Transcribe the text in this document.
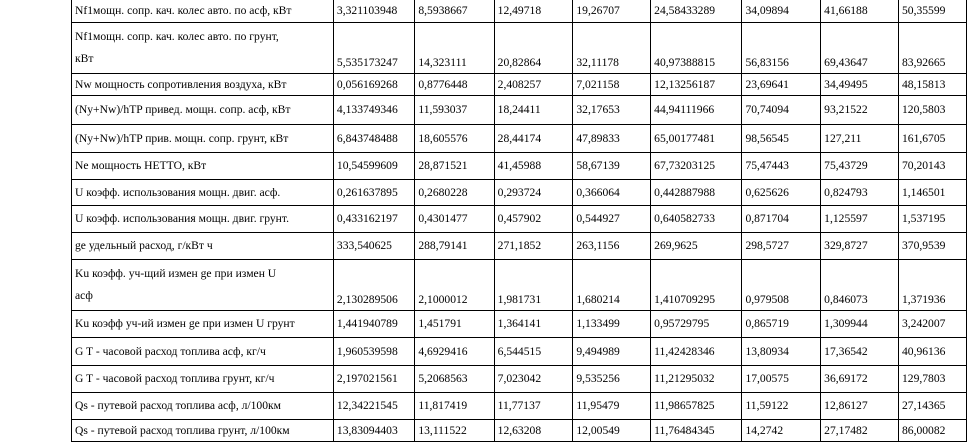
Nf1мощн. сопр. кач. колес авто. по асф, кВт	3,321103948	8,5938667	12,49718	19,26707	24,58433289	34,09894	41,66188	50,35599

Nf1мощн. сопр. кач. колес авто. по грунт,
кВт	5,535173247	14,323111	20,82864	32,11178	40,97388815	56,83156	69,43647	83,92665

Nw мощность сопротивления воздуха, кВт	0,056169268	0,8776448	2,408257	7,021158	12,13256187	23,69641	34,49495	48,15813

(Ny+Nw)/hTP привед. мощн. сопр. асф, кВт	4,133749346	11,593037	18,24411	32,17653	44,94111966	70,74094	93,21522	120,5803

(Ny+Nw)/hTP прив. мощн. сопр. грунт, кВт	6,843748488	18,605576	28,44174	47,89833	65,00177481	98,56545	127,211	161,6705

Ne мощность НЕТТО, кВт	10,54599609	28,871521	41,45988	58,67139	67,73203125	75,47443	75,43729	70,20143

U коэфф. использования мощн. двиг. асф.	0,261637895	0,2680228	0,293724	0,366064	0,442887988	0,625626	0,824793	1,146501

U коэфф. использования мощн. двиг. грунт.	0,433162197	0,4301477	0,457902	0,544927	0,640582733	0,871704	1,125597	1,537195

ge удельный расход, г/кВт ч	333,540625	288,79141	271,1852	263,1156	269,9625	298,5727	329,8727	370,9539

Ku коэфф. уч-щий измен ge при измен U
асф	2,130289506	2,1000012	1,981731	1,680214	1,410709295	0,979508	0,846073	1,371936

Ku коэфф уч-ий измен ge при измен U грунт	1,441940789	1,451791	1,364141	1,133499	0,95729795	0,865719	1,309944	3,242007

G T - часовой расход топлива асф, кг/ч	1,960539598	4,6929416	6,544515	9,494989	11,42428346	13,80934	17,36542	40,96136

G T - часовой расход топлива грунт, кг/ч	2,197021561	5,2068563	7,023042	9,535256	11,21295032	17,00575	36,69172	129,7803

Qs - путевой расход топлива асф, л/100км	12,34221545	11,817419	11,77137	11,95479	11,98657825	11,59122	12,86127	27,14365

Qs - путевой расход топлива грунт, л/100км	13,83094403	13,111522	12,63208	12,00549	11,76484345	14,2742	27,17482	86,00082
